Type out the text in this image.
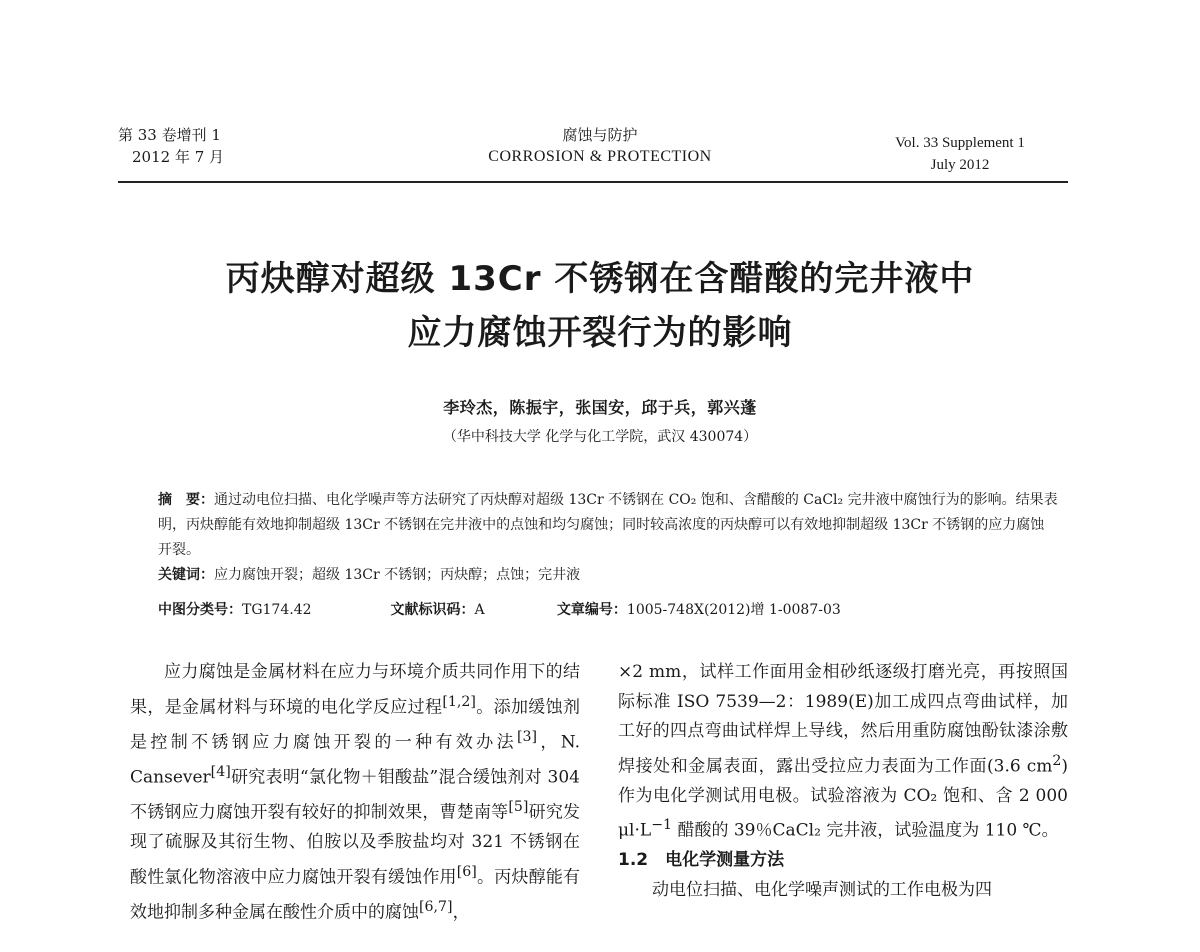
第 33 卷增刊 1
2012 年 7 月
腐蚀与防护
CORROSION & PROTECTION
Vol. 33 Supplement 1
July 2012
丙炔醇对超级 13Cr 不锈钢在含醋酸的完井液中
应力腐蚀开裂行为的影响
李玲杰，陈振宇，张国安，邱于兵，郭兴蓬
（华中科技大学 化学与化工学院，武汉 430074）
摘　要：通过动电位扫描、电化学噪声等方法研究了丙炔醇对超级 13Cr 不锈钢在 CO₂ 饱和、含醋酸的 CaCl₂ 完井液中腐蚀行为的影响。结果表明，丙炔醇能有效地抑制超级 13Cr 不锈钢在完井液中的点蚀和均匀腐蚀；同时较高浓度的丙炔醇可以有效地抑制超级 13Cr 不锈钢的应力腐蚀开裂。
关键词：应力腐蚀开裂；超级 13Cr 不锈钢；丙炔醇；点蚀；完井液
中图分类号：TG174.42	文献标识码：A	文章编号：1005-748X(2012)增 1-0087-03

应力腐蚀是金属材料在应力与环境介质共同作用下的结果，是金属材料与环境的电化学反应过程[1,2]。添加缓蚀剂是控制不锈钢应力腐蚀开裂的一种有效办法[3]，N. Cansever[4]研究表明“氯化物＋钼酸盐”混合缓蚀剂对 304 不锈钢应力腐蚀开裂有较好的抑制效果，曹楚南等[5]研究发现了硫脲及其衍生物、伯胺以及季胺盐均对 321 不锈钢在酸性氯化物溶液中应力腐蚀开裂有缓蚀作用[6]。丙炔醇能有效地抑制多种金属在酸性介质中的腐蚀[6,7]，

×2 mm，试样工作面用金相砂纸逐级打磨光亮，再按照国际标准 ISO 7539—2：1989(E)加工成四点弯曲试样，加工好的四点弯曲试样焊上导线，然后用重防腐蚀酚钛漆涂敷焊接处和金属表面，露出受拉应力表面为工作面(3.6 $cm^2$)作为电化学测试用电极。试验溶液为 CO₂ 饱和、含 2 000 $\mu l\cdot L^{-1}$ 醋酸的 39％CaCl₂ 完井液，试验温度为 110 ℃。

1.2　电化学测量方法

动电位扫描、电化学噪声测试的工作电极为四
